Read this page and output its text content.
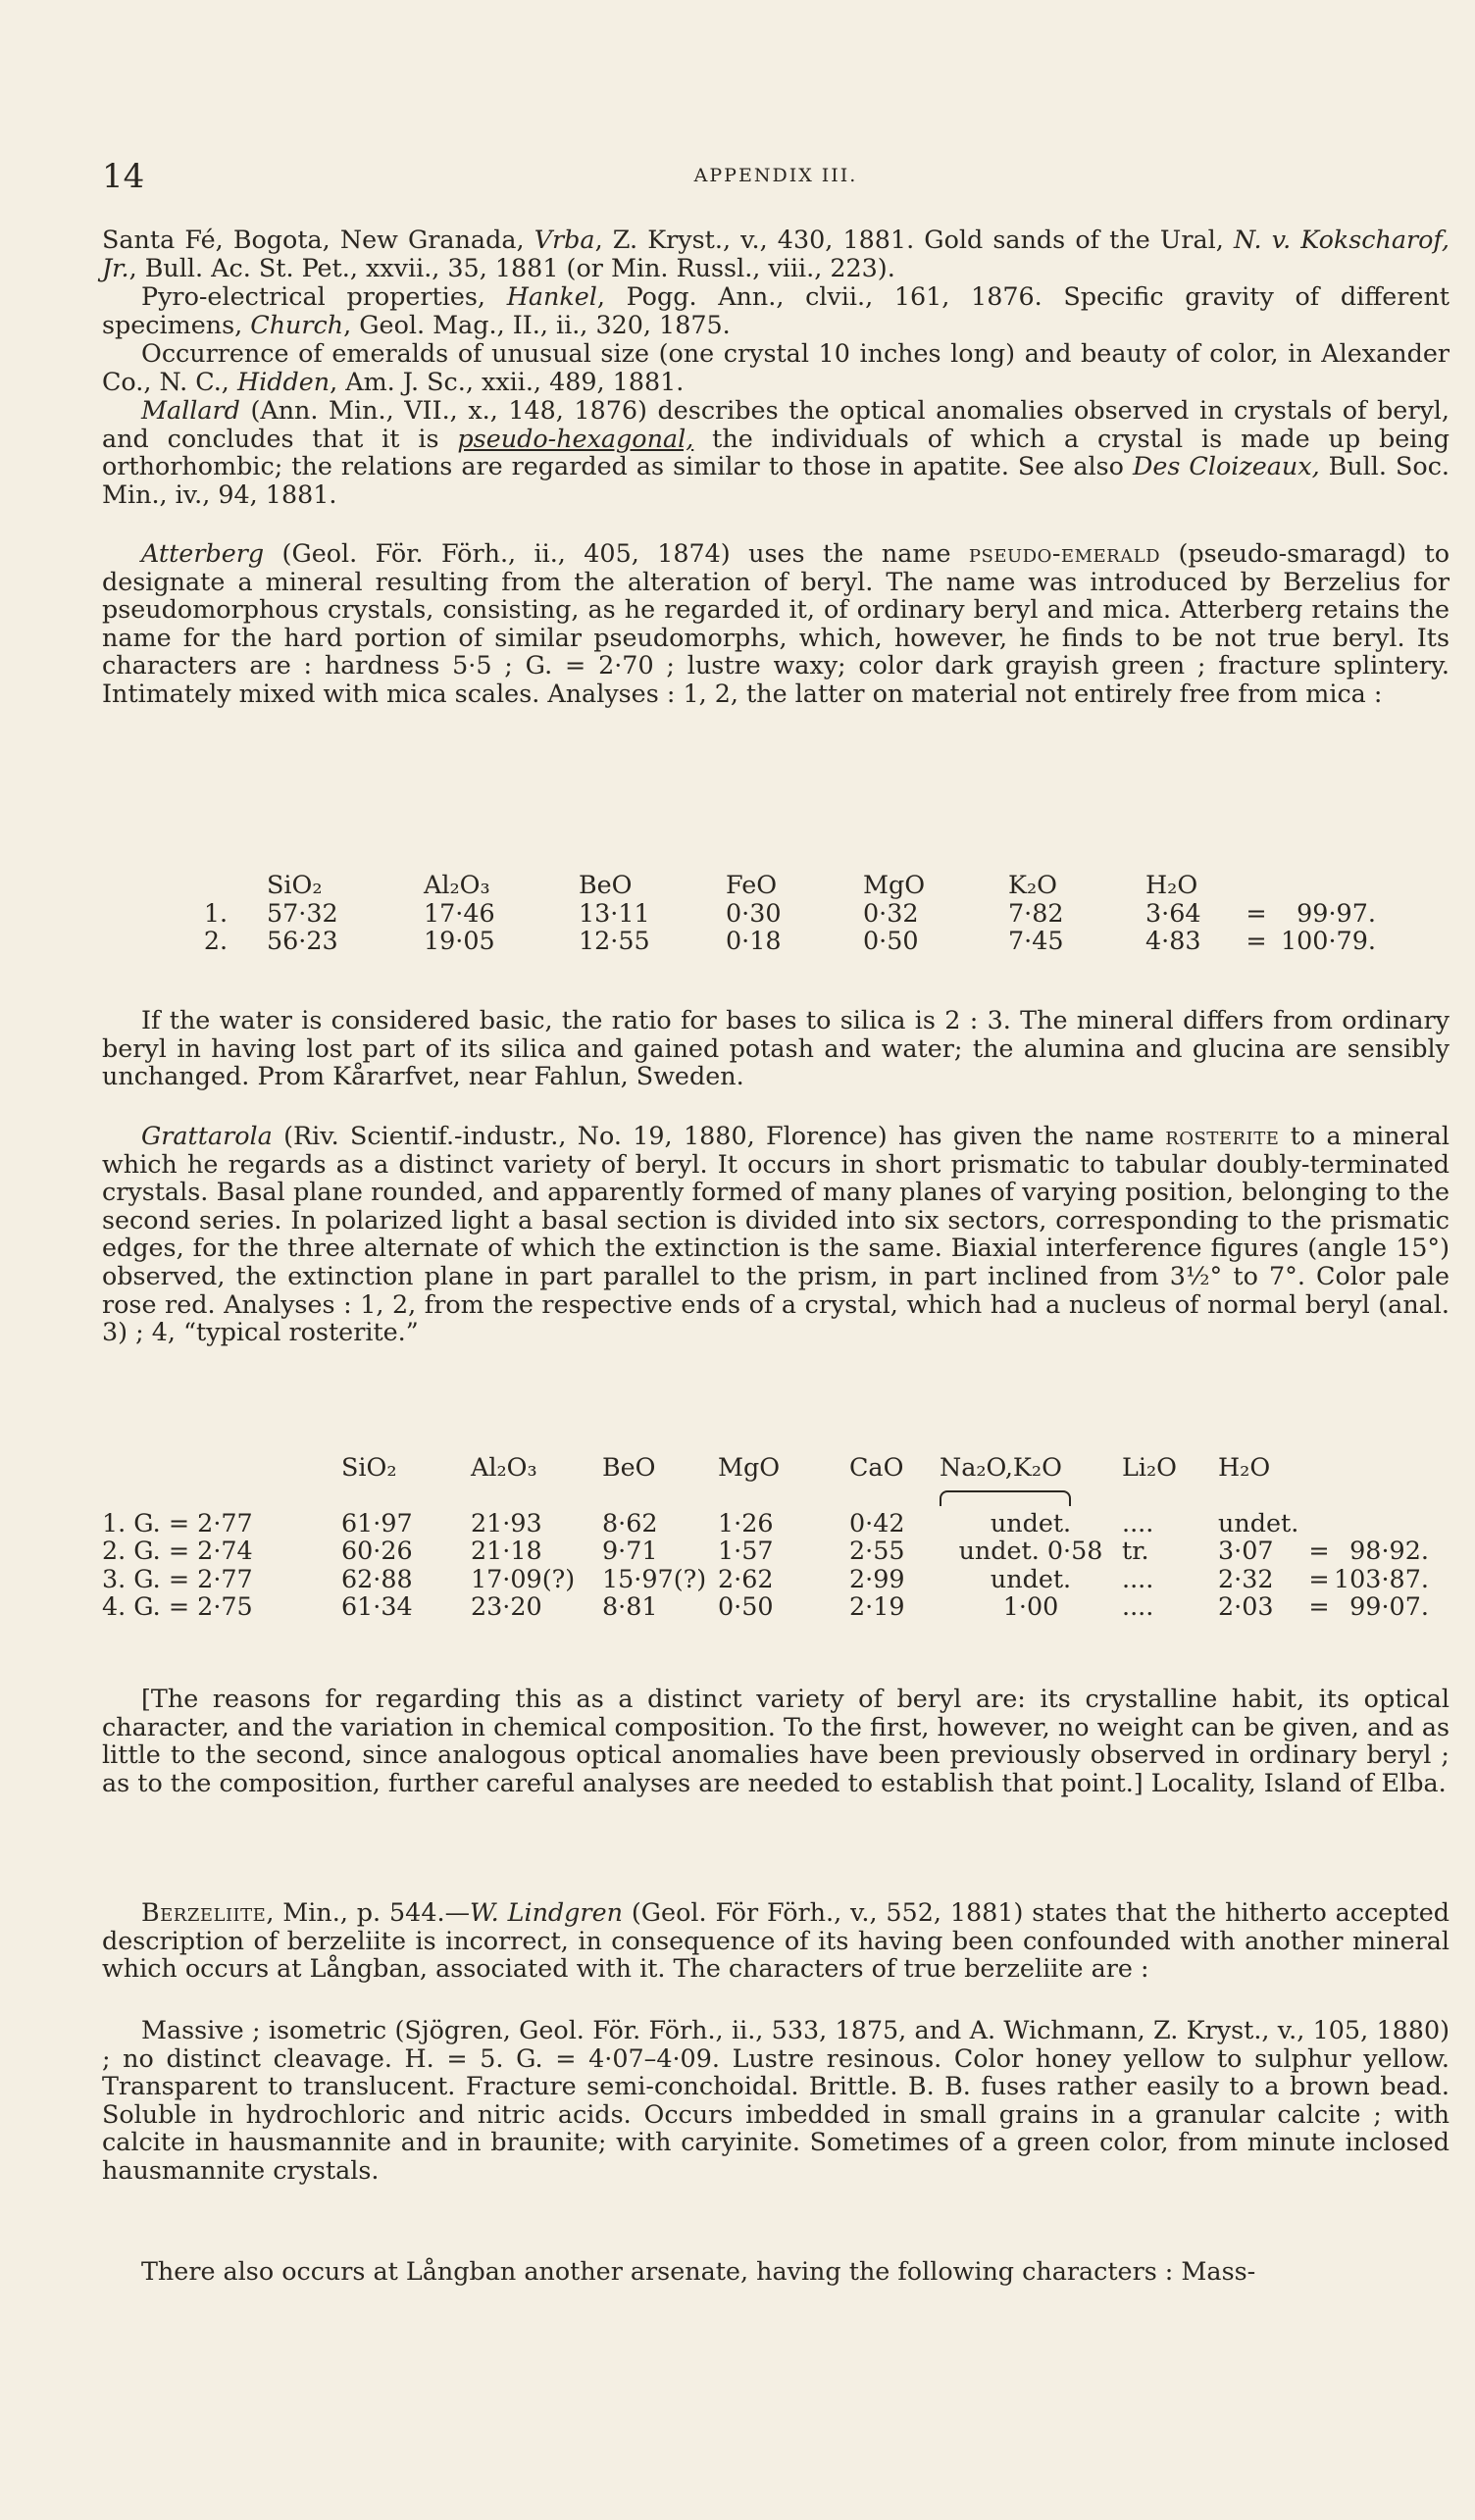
14	APPENDIX III.

Santa Fé, Bogota, New Granada, Vrba, Z. Kryst., v., 430, 1881. Gold sands of the Ural, N. v. Kokscharof, Jr., Bull. Ac. St. Pet., xxvii., 35, 1881 (or Min. Russl., viii., 223).

Pyro-electrical properties, Hankel, Pogg. Ann., clvii., 161, 1876. Specific gravity of different specimens, Church, Geol. Mag., II., ii., 320, 1875.

Occurrence of emeralds of unusual size (one crystal 10 inches long) and beauty of color, in Alexander Co., N. C., Hidden, Am. J. Sc., xxii., 489, 1881.

Mallard (Ann. Min., VII., x., 148, 1876) describes the optical anomalies observed in crystals of beryl, and concludes that it is pseudo-hexagonal, the individuals of which a crystal is made up being orthorhombic; the relations are regarded as similar to those in apatite. See also Des Cloizeaux, Bull. Soc. Min., iv., 94, 1881.

Atterberg (Geol. För. Förh., ii., 405, 1874) uses the name pseudo-emerald (pseudo-smaragd) to designate a mineral resulting from the alteration of beryl. The name was introduced by Berzelius for pseudomorphous crystals, consisting, as he regarded it, of ordinary beryl and mica. Atterberg retains the name for the hard portion of similar pseudomorphs, which, however, he finds to be not true beryl. Its characters are : hardness 5·5 ; G. = 2·70 ; lustre waxy; color dark grayish green ; fracture splintery. Intimately mixed with mica scales. Analyses : 1, 2, the latter on material not entirely free from mica :

	SiO₂	Al₂O₃	BeO	FeO	MgO	K₂O	H₂O		
1.	57·32	17·46	13·11	0·30	0·32	7·82	3·64	=	99·97.
2.	56·23	19·05	12·55	0·18	0·50	7·45	4·83	=	100·79.

If the water is considered basic, the ratio for bases to silica is 2 : 3. The mineral differs from ordinary beryl in having lost part of its silica and gained potash and water; the alumina and glucina are sensibly unchanged. Prom Kårarfvet, near Fahlun, Sweden.

Grattarola (Riv. Scientif.-industr., No. 19, 1880, Florence) has given the name rosterite to a mineral which he regards as a distinct variety of beryl. It occurs in short prismatic to tabular doubly-terminated crystals. Basal plane rounded, and apparently formed of many planes of varying position, belonging to the second series. In polarized light a basal section is divided into six sectors, corresponding to the prismatic edges, for the three alternate of which the extinction is the same. Biaxial interference figures (angle 15°) observed, the extinction plane in part parallel to the prism, in part inclined from 3½° to 7°. Color pale rose red. Analyses : 1, 2, from the respective ends of a crystal, which had a nucleus of normal beryl (anal. 3) ; 4, “typical rosterite.”

	SiO₂	Al₂O₃	BeO	MgO	CaO	Na₂O,K₂O	Li₂O	H₂O		

1. G. = 2·77	61·97	21·93	8·62	1·26	0·42	undet.	....	undet.		
2. G. = 2·74	60·26	21·18	9·71	1·57	2·55	undet. 0·58	tr.	3·07	=	98·92.
3. G. = 2·77	62·88	17·09(?)	15·97(?)	2·62	2·99	undet.	....	2·32	=	103·87.
4. G. = 2·75	61·34	23·20	8·81	0·50	2·19	1·00	....	2·03	=	99·07.

[The reasons for regarding this as a distinct variety of beryl are: its crystalline habit, its optical character, and the variation in chemical composition. To the first, however, no weight can be given, and as little to the second, since analogous optical anomalies have been previously observed in ordinary beryl ; as to the composition, further careful analyses are needed to establish that point.] Locality, Island of Elba.

Berzeliite, Min., p. 544.—W. Lindgren (Geol. För Förh., v., 552, 1881) states that the hitherto accepted description of berzeliite is incorrect, in consequence of its having been confounded with another mineral which occurs at Långban, associated with it. The characters of true berzeliite are :

Massive ; isometric (Sjögren, Geol. För. Förh., ii., 533, 1875, and A. Wichmann, Z. Kryst., v., 105, 1880) ; no distinct cleavage. H. = 5. G. = 4·07–4·09. Lustre resinous. Color honey yellow to sulphur yellow. Transparent to translucent. Fracture semi-conchoidal. Brittle. B. B. fuses rather easily to a brown bead. Soluble in hydrochloric and nitric acids. Occurs imbedded in small grains in a granular calcite ; with calcite in hausmannite and in braunite; with caryinite. Sometimes of a green color, from minute inclosed hausmannite crystals.

There also occurs at Långban another arsenate, having the following characters : Mass-
